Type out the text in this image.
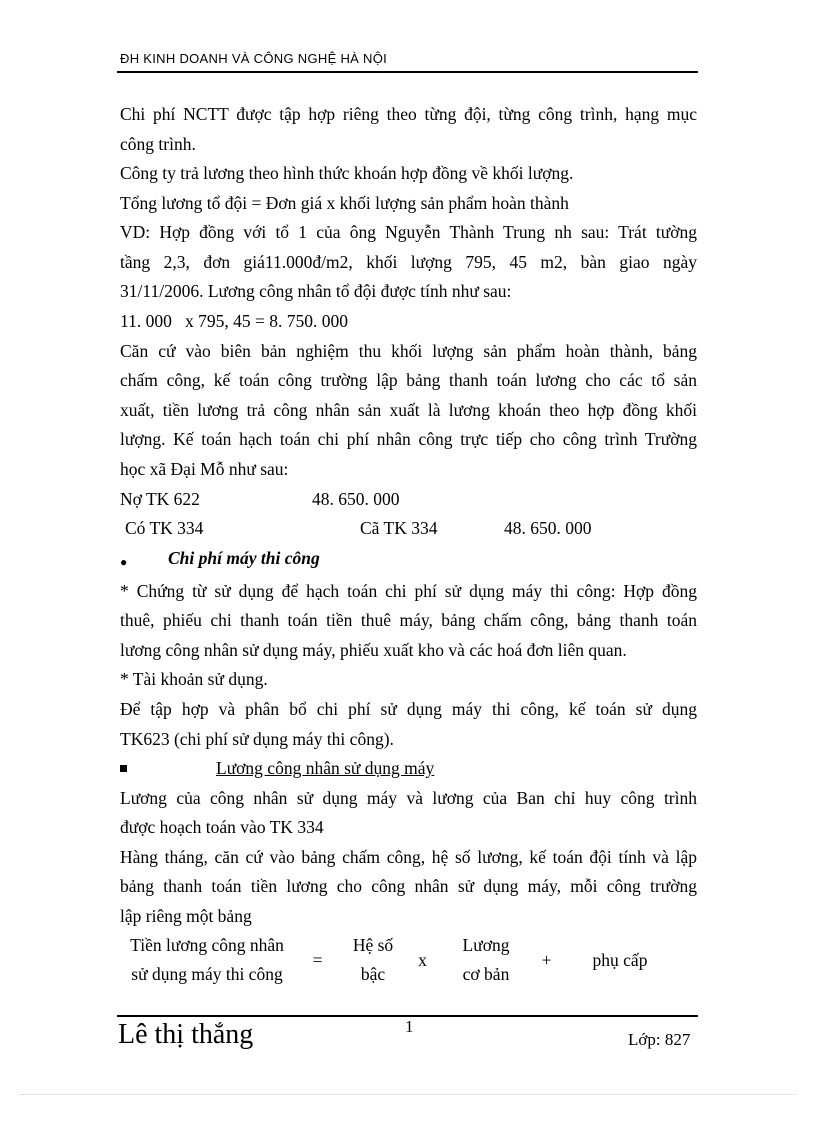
ĐH KINH DOANH VÀ CÔNG NGHỆ HÀ NỘI
Chi phí NCTT được tập hợp riêng theo từng đội, từng công trình, hạng mục
công trình.
Công ty trả lương theo hình thức khoán hợp đồng về khối lượng.
Tổng lương tổ đội = Đơn giá x khối lượng sản phẩm hoàn thành
VD: Hợp đồng với tổ 1 của ông Nguyễn Thành Trung nh sau: Trát tường
tầng 2,3, đơn giá11.000đ/m2, khối lượng 795, 45 m2, bàn giao ngày
31/11/2006. Lương công nhân tổ đội được tính như sau:
11. 000   x 795, 45 = 8. 750. 000
Căn cứ vào biên bản nghiệm thu khối lượng sản phẩm hoàn thành, bảng
chấm công, kế toán công trường lập bảng thanh toán lương cho các tổ sản
xuất, tiền lương trả công nhân sản xuất là lương khoán theo hợp đồng khối
lượng. Kế toán hạch toán chi phí nhân công trực tiếp cho công trình Trường
học xã Đại Mỗ như sau:
Nợ TK 622	48. 650. 000
Có TK 334	Cã TK 334	48. 650. 000
● Chi phí máy thi công
* Chứng từ sử dụng để hạch toán chi phí sử dụng máy thi công: Hợp đồng
thuê, phiếu chi thanh toán tiền thuê máy, bảng chấm công, bảng thanh toán
lương công nhân sử dụng máy, phiếu xuất kho và các hoá đơn liên quan.
* Tài khoản sử dụng.
Để tập hợp và phân bổ chi phí sử dụng máy thi công, kế toán sử dụng
TK623 (chi phí sử dụng máy thi công).
Lương công nhân sử dụng máy
Lương của công nhân sử dụng máy và lương của Ban chỉ huy công trình
được hoạch toán vào TK 334
Hàng tháng, căn cứ vào bảng chấm công, hệ số lương, kế toán đội tính và lập
bảng thanh toán tiền lương cho công nhân sử dụng máy, mỗi công trường
lập riêng một bảng
Tiền lương công nhân
sử dụng máy thi công
=
Hệ số
bậc
x
Lương
cơ bản
+	phụ cấp
Lê thị thắng	1
Lớp: 827
